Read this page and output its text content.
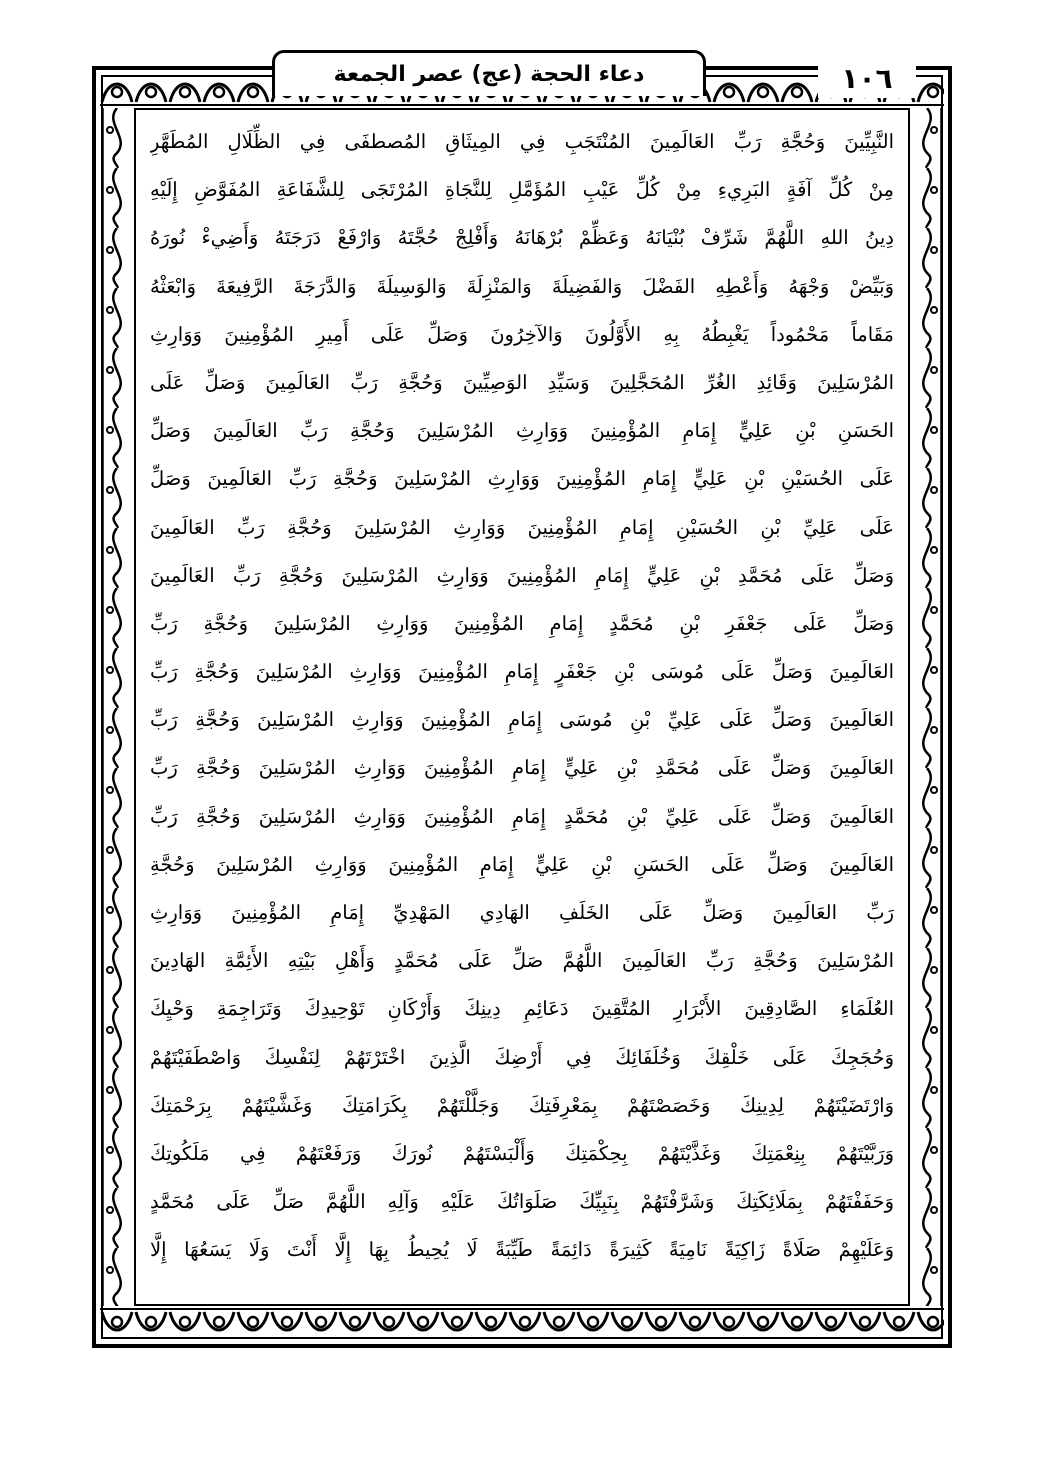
دعاء الحجة (عج) عصر الجمعة	١٠٦
النَّبِيِّينَ وَحُجَّةِ رَبِّ العَالَمِينَ المُنْتَجَبِ فِي المِيثَاقِ المُصطفَى فِي الظِّلَالِ المُطَهَّرِ
مِنْ كُلِّ آفَةٍ البَرِيءِ مِنْ كُلِّ عَيْبِ المُؤَمَّلِ لِلنَّجَاةِ المُرْتَجَى لِلشَّفَاعَةِ المُفَوَّضِ إِلَيْهِ
دِينُ اللهِ اللَّهُمَّ شَرِّفْ بُنْيَانَهُ وَعَظِّمْ بُرْهَانَهُ وَأَفْلِجْ حُجَّتَهُ وَارْفَعْ دَرَجَتَهُ وَأَضِيءْ نُورَهُ
وَبَيِّضْ وَجْهَهُ وَأَعْطِهِ الفَضْلَ وَالفَضِيلَةَ وَالمَنْزِلَةَ وَالوَسِيلَةَ وَالدَّرَجَةَ الرَّفِيعَةَ وَابْعَثْهُ
مَقَاماً مَحْمُوداً يَغْبِطُهُ بِهِ الأَوَّلُونَ وَالآخِرُونَ وَصَلِّ عَلَى أَمِيرِ المُؤْمِنِينَ وَوَارِثِ
المُرْسَلِينَ وَقَائِدِ الغُرِّ المُحَجَّلِينَ وَسَيِّدِ الوَصِيِّينَ وَحُجَّةِ رَبِّ العَالَمِينَ وَصَلِّ عَلَى
الحَسَنِ بْنِ عَلِيٍّ إِمَامِ المُؤْمِنِينَ وَوَارِثِ المُرْسَلِينَ وَحُجَّةِ رَبِّ العَالَمِينَ وَصَلِّ
عَلَى الحُسَيْنِ بْنِ عَلِيٍّ إِمَامِ المُؤْمِنِينَ وَوَارِثِ المُرْسَلِينَ وَحُجَّةِ رَبِّ العَالَمِينَ وَصَلِّ
عَلَى عَلِيِّ بْنِ الحُسَيْنِ إِمَامِ المُؤْمِنِينَ وَوَارِثِ المُرْسَلِينَ وَحُجَّةِ رَبِّ العَالَمِينَ
وَصَلِّ عَلَى مُحَمَّدِ بْنِ عَلِيٍّ إِمَامِ المُؤْمِنِينَ وَوَارِثِ المُرْسَلِينَ وَحُجَّةِ رَبِّ العَالَمِينَ
وَصَلِّ عَلَى جَعْفَرِ بْنِ مُحَمَّدٍ إِمَامِ المُؤْمِنِينَ وَوَارِثِ المُرْسَلِينَ وَحُجَّةِ رَبِّ
العَالَمِينَ وَصَلِّ عَلَى مُوسَى بْنِ جَعْفَرٍ إِمَامِ المُؤْمِنِينَ وَوَارِثِ المُرْسَلِينَ وَحُجَّةِ رَبِّ
العَالَمِينَ وَصَلِّ عَلَى عَلِيِّ بْنِ مُوسَى إِمَامِ المُؤْمِنِينَ وَوَارِثِ المُرْسَلِينَ وَحُجَّةِ رَبِّ
العَالَمِينَ وَصَلِّ عَلَى مُحَمَّدِ بْنِ عَلِيٍّ إِمَامِ المُؤْمِنِينَ وَوَارِثِ المُرْسَلِينَ وَحُجَّةِ رَبِّ
العَالَمِينَ وَصَلِّ عَلَى عَلِيِّ بْنِ مُحَمَّدٍ إِمَامِ المُؤْمِنِينَ وَوَارِثِ المُرْسَلِينَ وَحُجَّةِ رَبِّ
العَالَمِينَ وَصَلِّ عَلَى الحَسَنِ بْنِ عَلِيٍّ إِمَامِ المُؤْمِنِينَ وَوَارِثِ المُرْسَلِينَ وَحُجَّةِ
رَبِّ العَالَمِينَ وَصَلِّ عَلَى الخَلَفِ الهَادِي المَهْدِيِّ إِمَامِ المُؤْمِنِينَ وَوَارِثِ
المُرْسَلِينَ وَحُجَّةِ رَبِّ العَالَمِينَ اللَّهُمَّ صَلِّ عَلَى مُحَمَّدٍ وَأَهْلِ بَيْتِهِ الأَئِمَّةِ الهَادِينَ
العُلَمَاءِ الصَّادِقِينَ الأَبْرَارِ المُتَّقِينَ دَعَائِمِ دِينِكَ وَأَرْكَانِ تَوْحِيدِكَ وَتَرَاجِمَةِ وَحْيِكَ
وَحُجَجِكَ عَلَى خَلْقِكَ وَخُلَفَائِكَ فِي أَرْضِكَ الَّذِينَ اخْتَرْتَهُمْ لِنَفْسِكَ وَاصْطَفَيْتَهُمْ
وَارْتَضَيْتَهُمْ لِدِينِكَ وَخَصَصْتَهُمْ بِمَعْرِفَتِكَ وَجَلَّلْتَهُمْ بِكَرَامَتِكَ وَغَشَّيْتَهُمْ بِرَحْمَتِكَ
وَرَبَّيْتَهُمْ بِنِعْمَتِكَ وَغَذَّيْتَهُمْ بِحِكْمَتِكَ وَأَلْبَسْتَهُمْ نُورَكَ وَرَفَعْتَهُمْ فِي مَلَكُوتِكَ
وَحَفَفْتَهُمْ بِمَلَائِكَتِكَ وَشَرَّفْتَهُمْ بِنَبِيِّكَ صَلَوَاتُكَ عَلَيْهِ وَآلِهِ اللَّهُمَّ صَلِّ عَلَى مُحَمَّدٍ
وَعَلَيْهِمْ صَلَاةً زَاكِيَةً نَامِيَةً كَثِيرَةً دَائِمَةً طَيِّبَةً لَا يُحِيطُ بِهَا إِلَّا أَنْتَ وَلَا يَسَعُهَا إِلَّا
